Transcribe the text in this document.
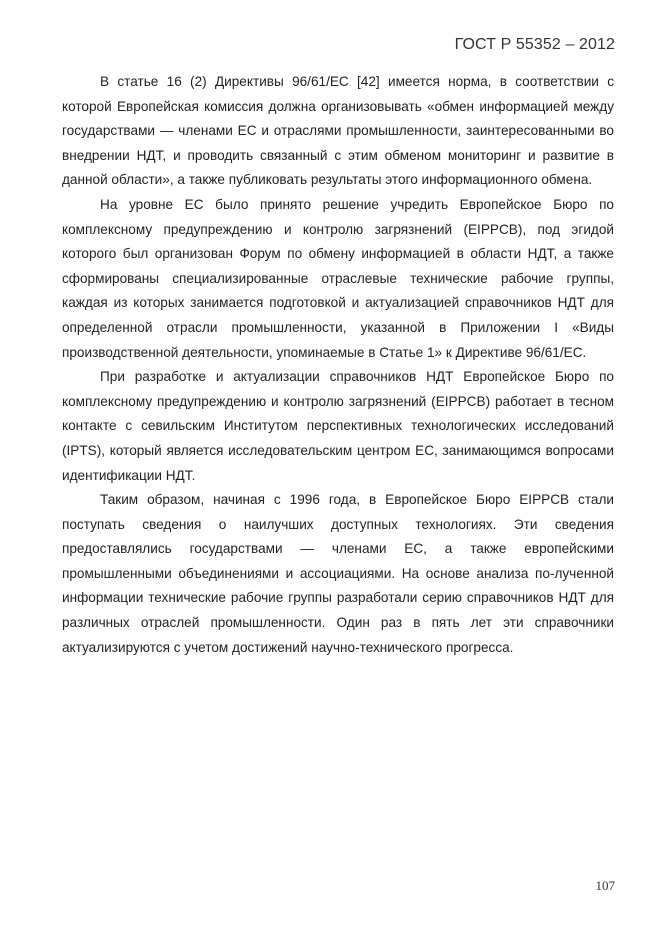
ГОСТ Р 55352 – 2012

В статье 16 (2) Директивы 96/61/ЕС [42] имеется норма, в соответствии с которой Европейская комиссия должна организовывать «обмен информацией между государствами — членами ЕС и отраслями промышленности, заинтересованными во внедрении НДТ, и проводить связанный с этим обменом мониторинг и развитие в данной области», а также публиковать результаты этого информационного обмена.

На уровне ЕС было принято решение учредить Европейское Бюро по комплексному предупреждению и контролю загрязнений (EIPPCB), под эгидой которого был организован Форум по обмену информацией в области НДТ, а также сформированы специализированные отраслевые технические рабочие группы, каждая из которых занимается подготовкой и актуализацией справочников НДТ для определенной отрасли промышленности, указанной в Приложении I «Виды производственной деятельности, упоминаемые в Статье 1» к Директиве 96/61/ЕС.

При разработке и актуализации справочников НДТ Европейское Бюро по комплексному предупреждению и контролю загрязнений (EIPPCB) работает в тесном контакте с севильским Институтом перспективных технологических исследований (IPTS), который является исследовательским центром ЕС, занимающимся вопросами идентификации НДТ.

Таким образом, начиная с 1996 года, в Европейское Бюро EIPPCB стали поступать сведения о наилучших доступных технологиях. Эти сведения предоставлялись государствами — членами ЕС, а также европейскими промышленными объединениями и ассоциациями. На основе анализа по-лученной информации технические рабочие группы разработали серию справочников НДТ для различных отраслей промышленности. Один раз в пять лет эти справочники актуализируются с учетом достижений научно-технического прогресса.

107
